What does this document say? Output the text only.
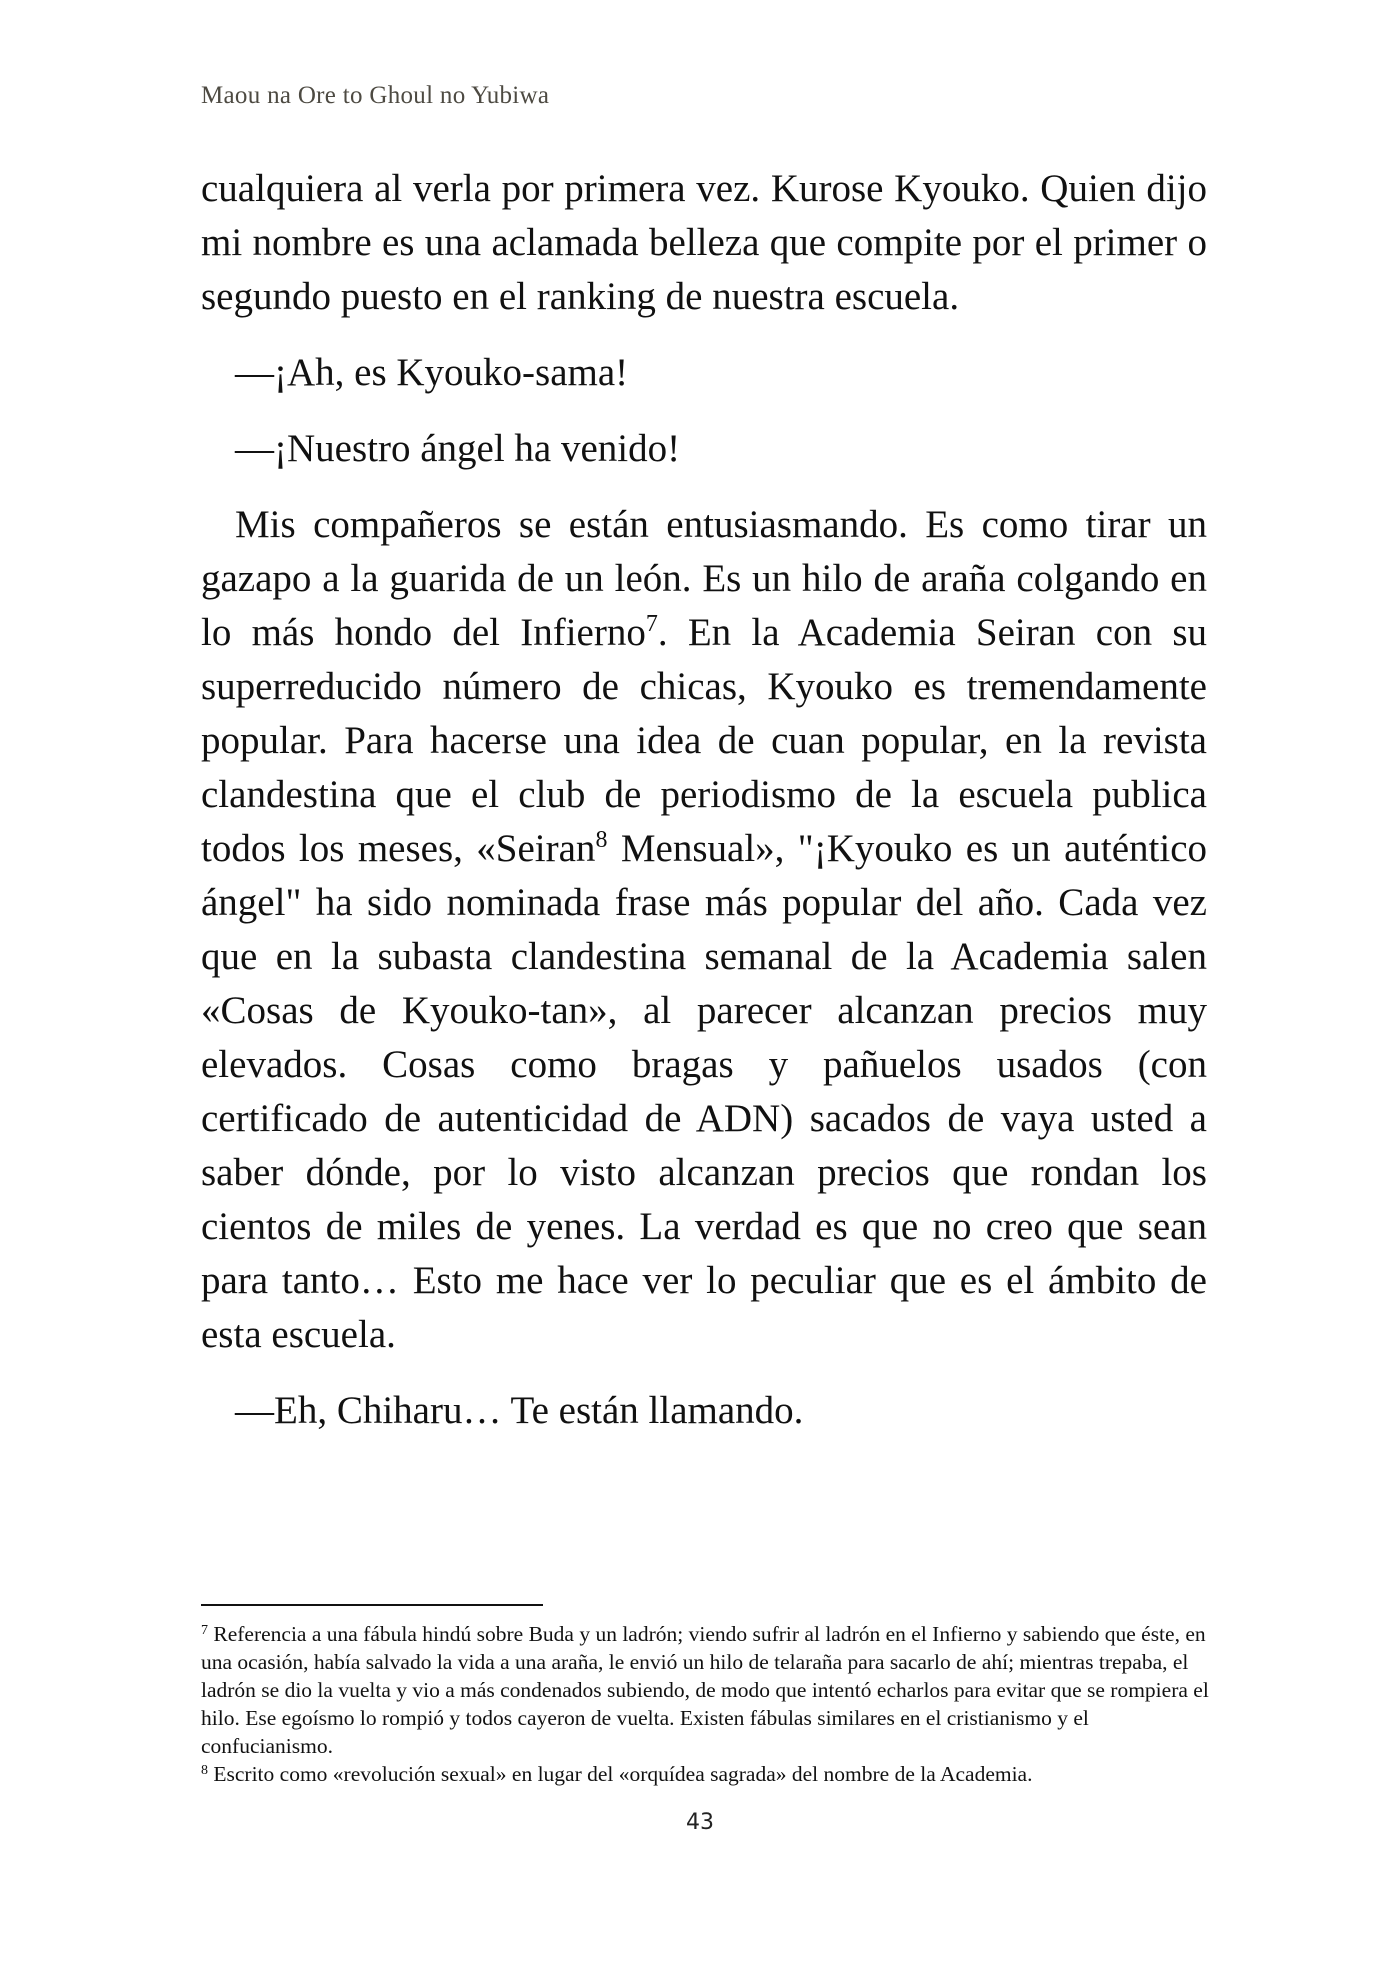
Maou na Ore to Ghoul no Yubiwa

cualquiera al verla por primera vez. Kurose Kyouko. Quien dijo mi nombre es una aclamada belleza que compite por el primer o segundo puesto en el ranking de nuestra escuela.

—¡Ah, es Kyouko-sama!

—¡Nuestro ángel ha venido!

Mis compañeros se están entusiasmando. Es como tirar un gazapo a la guarida de un león. Es un hilo de araña colgando en lo más hondo del Infierno$^7$. En la Academia Seiran con su superreducido número de chicas, Kyouko es tremendamente popular. Para hacerse una idea de cuan popular, en la revista clandestina que el club de periodismo de la escuela publica todos los meses, «Seiran$^8$ Mensual», "¡Kyouko es un auténtico ángel" ha sido nominada frase más popular del año. Cada vez que en la subasta clandestina semanal de la Academia salen «Cosas de Kyouko-tan», al parecer alcanzan precios muy elevados. Cosas como bragas y pañuelos usados (con certificado de autenticidad de ADN) sacados de vaya usted a saber dónde, por lo visto alcanzan precios que rondan los cientos de miles de yenes. La verdad es que no creo que sean para tanto… Esto me hace ver lo peculiar que es el ámbito de esta escuela.

—Eh, Chiharu… Te están llamando.

$^7$ Referencia a una fábula hindú sobre Buda y un ladrón; viendo sufrir al ladrón en el Infierno y sabiendo que éste, en una ocasión, había salvado la vida a una araña, le envió un hilo de telaraña para sacarlo de ahí; mientras trepaba, el ladrón se dio la vuelta y vio a más condenados subiendo, de modo que intentó echarlos para evitar que se rompiera el hilo. Ese egoísmo lo rompió y todos cayeron de vuelta. Existen fábulas similares en el cristianismo y el confucianismo.

$^8$ Escrito como «revolución sexual» en lugar del «orquídea sagrada» del nombre de la Academia.

43
